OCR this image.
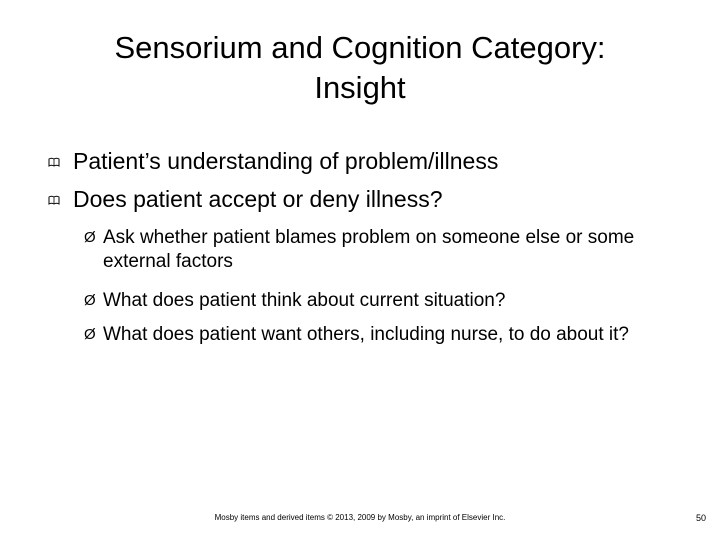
Sensorium and Cognition Category:
Insight
Patient’s understanding of problem/illness
Does patient accept or deny illness?
Ø Ask whether patient blames problem on someone else or some external factors
Ø What does patient think about current situation?
Ø What does patient want others, including nurse, to do about it?
Mosby items and derived items © 2013, 2009 by Mosby, an imprint of Elsevier Inc.	50
